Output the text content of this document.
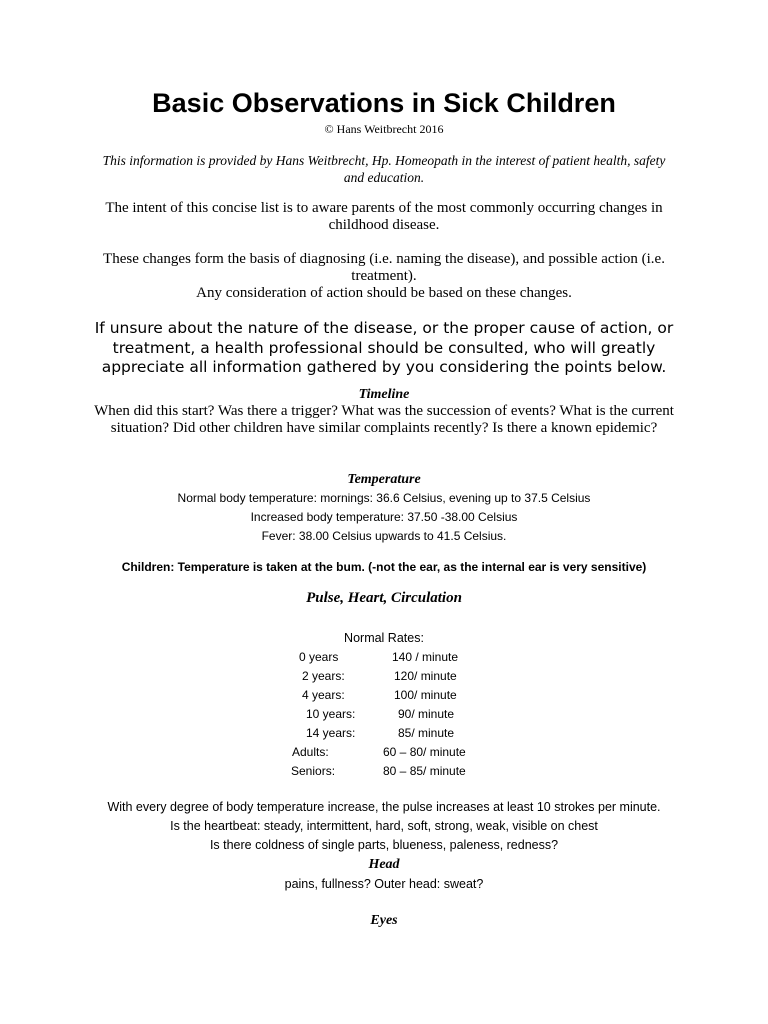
Basic Observations in Sick Children

© Hans Weitbrecht 2016

This information is provided by Hans Weitbrecht, Hp. Homeopath in the interest of patient health, safety and education.

The intent of this concise list is to aware parents of the most commonly occurring changes in childhood disease.

These changes form the basis of diagnosing (i.e. naming the disease), and possible action (i.e. treatment).

Any consideration of action should be based on these changes.

If unsure about the nature of the disease, or the proper cause of action, or treatment, a health professional should be consulted, who will greatly appreciate all information gathered by you considering the points below.

Timeline

When did this start? Was there a trigger? What was the succession of events? What is the current situation? Did other children have similar complaints recently? Is there a known epidemic?

Temperature

Normal body temperature: mornings: 36.6 Celsius, evening up to 37.5 Celsius

Increased body temperature: 37.50 -38.00 Celsius

Fever: 38.00 Celsius upwards to 41.5 Celsius.

Children: Temperature is taken at the bum. (-not the ear, as the internal ear is very sensitive)

Pulse, Heart, Circulation

Normal Rates:

0 years	140 / minute
2 years:	120/ minute
4 years:	100/ minute
10 years:	90/ minute
14 years:	85/ minute
Adults:	60 – 80/ minute
Seniors:	80 – 85/ minute

With every degree of body temperature increase, the pulse increases at least 10 strokes per minute.

Is the heartbeat: steady, intermittent, hard, soft, strong, weak, visible on chest

Is there coldness of single parts, blueness, paleness, redness?

Head

pains, fullness? Outer head: sweat?

Eyes
